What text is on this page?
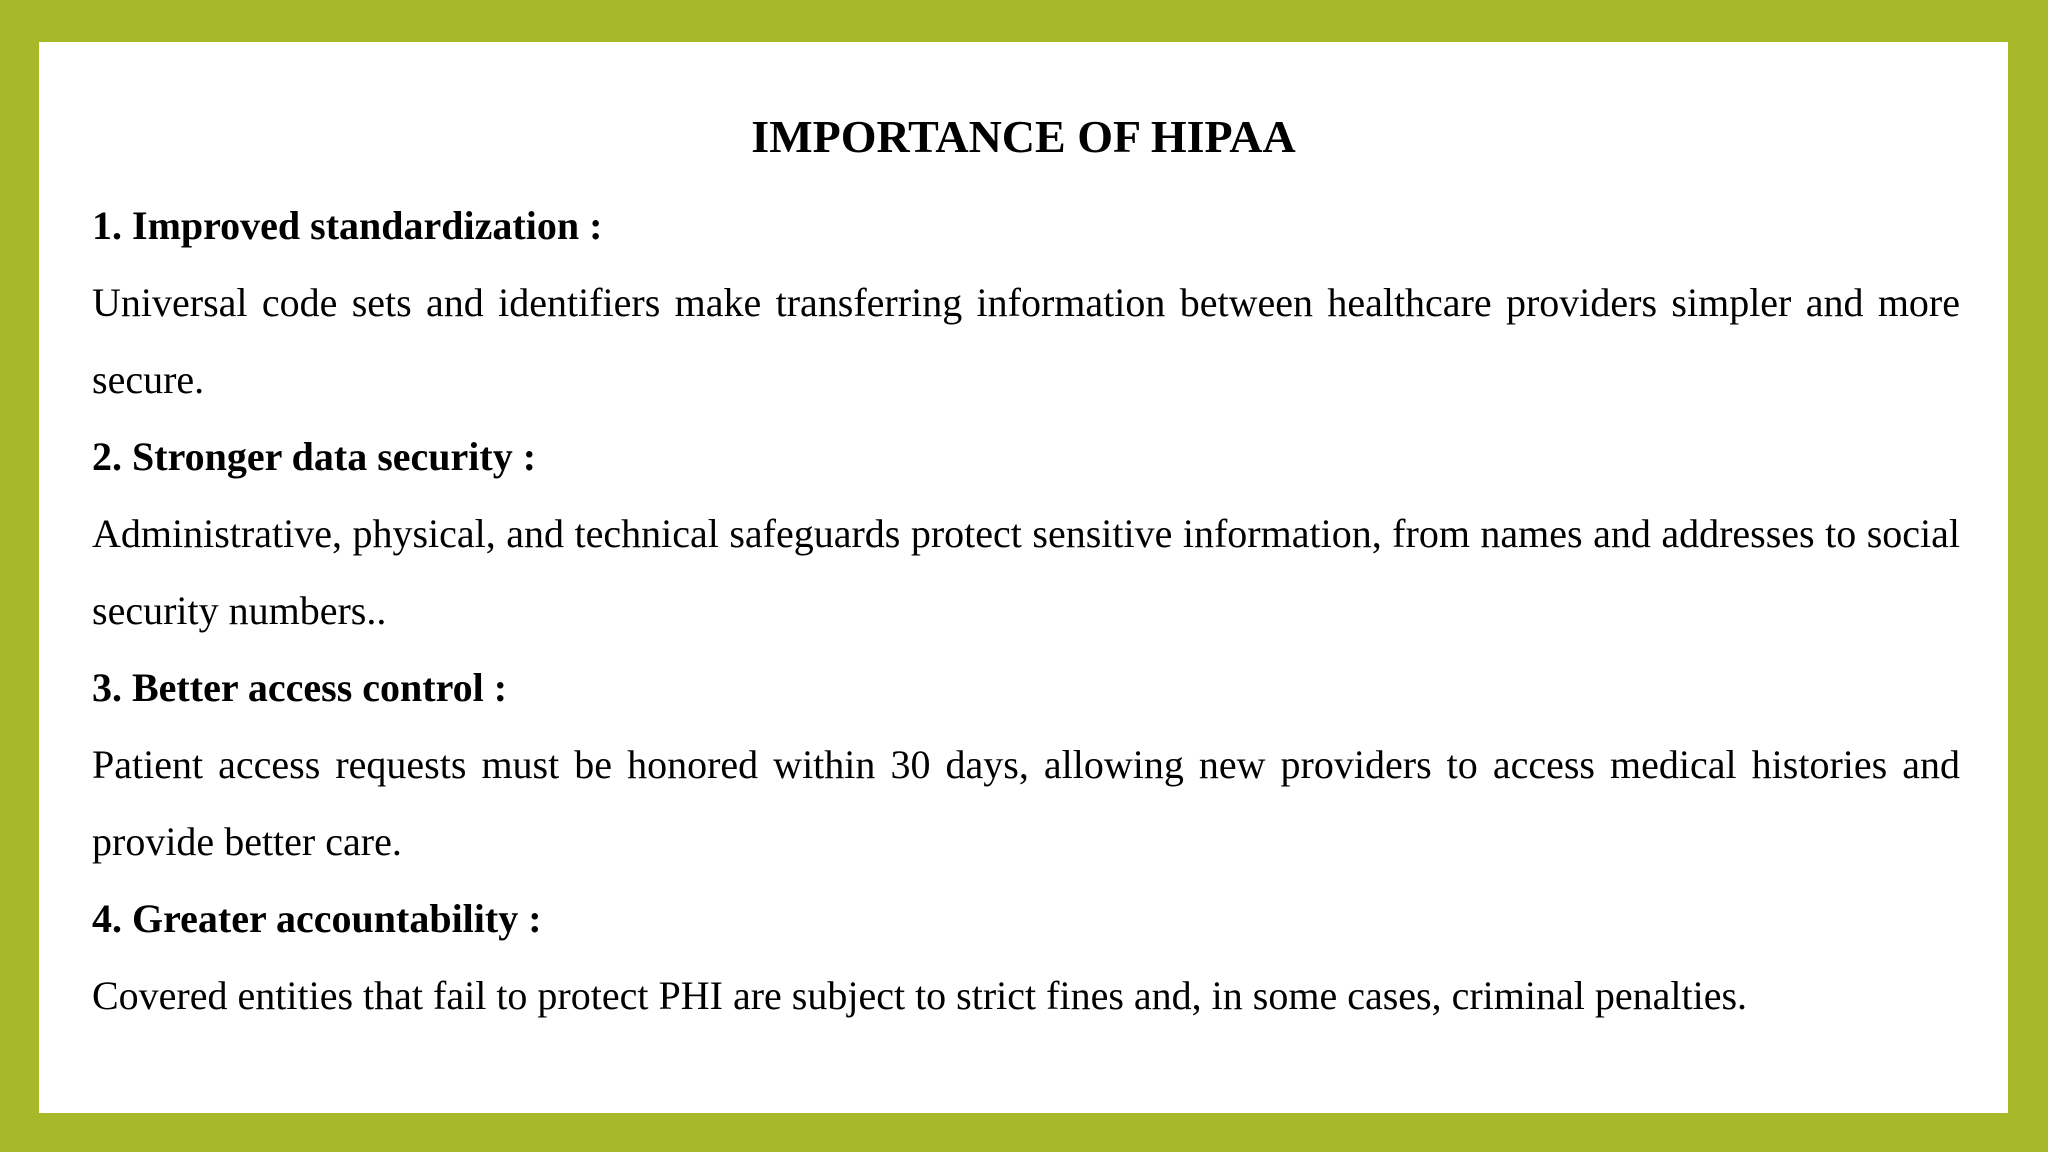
IMPORTANCE OF HIPAA

1. Improved standardization :

Universal code sets and identifiers make transferring information between healthcare providers simpler and more secure.

2. Stronger data security :

Administrative, physical, and technical safeguards protect sensitive information, from names and addresses to social security numbers..

3. Better access control :

Patient access requests must be honored within 30 days, allowing new providers to access medical histories and provide better care.

4. Greater accountability :

Covered entities that fail to protect PHI are subject to strict fines and, in some cases, criminal penalties.
